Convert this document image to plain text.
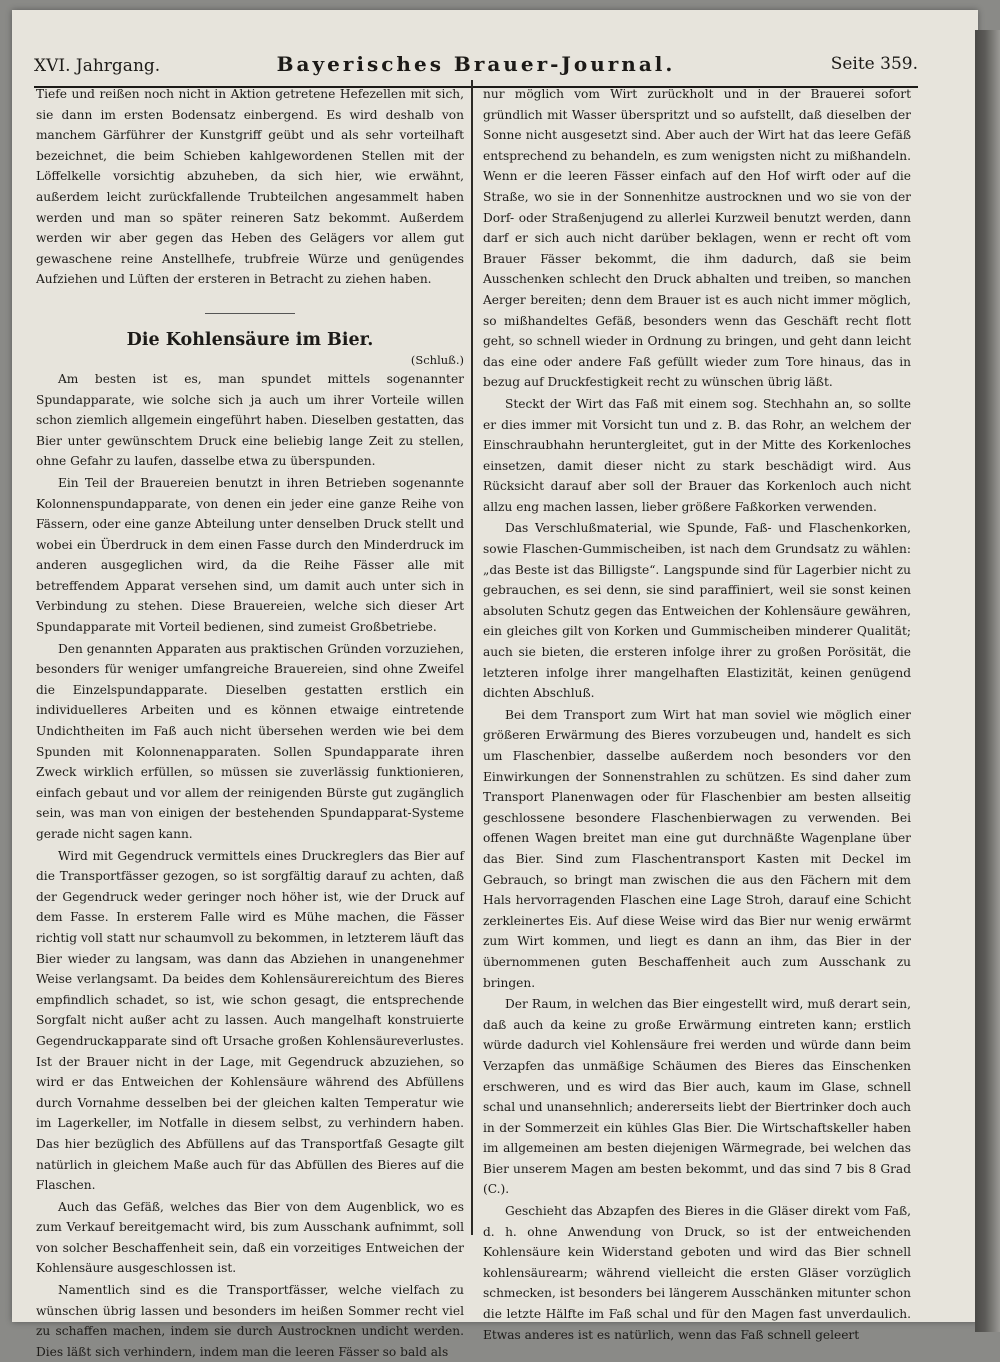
XVI. Jahrgang.	Bayerisches Brauer-Journal.	Seite 359.

Tiefe und reißen noch nicht in Aktion getretene Hefezellen mit sich, sie dann im ersten Bodensatz einbergend. Es wird deshalb von manchem Gärführer der Kunstgriff geübt und als sehr vorteilhaft bezeichnet, die beim Schieben kahlgewordenen Stellen mit der Löffelkelle vorsichtig abzuheben, da sich hier, wie erwähnt, außerdem leicht zurückfallende Trubteilchen angesammelt haben werden und man so später reineren Satz bekommt. Außerdem werden wir aber gegen das Heben des Gelägers vor allem gut gewaschene reine Anstellhefe, trubfreie Würze und genügendes Aufziehen und Lüften der ersteren in Betracht zu ziehen haben.

Die Kohlensäure im Bier.

(Schluß.)

Am besten ist es, man spundet mittels sogenannter Spundapparate, wie solche sich ja auch um ihrer Vorteile willen schon ziemlich allgemein eingeführt haben. Dieselben gestatten, das Bier unter gewünschtem Druck eine beliebig lange Zeit zu stellen, ohne Gefahr zu laufen, dasselbe etwa zu überspunden.

Ein Teil der Brauereien benutzt in ihren Betrieben sogenannte Kolonnenspundapparate, von denen ein jeder eine ganze Reihe von Fässern, oder eine ganze Abteilung unter denselben Druck stellt und wobei ein Überdruck in dem einen Fasse durch den Minderdruck im anderen ausgeglichen wird, da die Reihe Fässer alle mit betreffendem Apparat versehen sind, um damit auch unter sich in Verbindung zu stehen. Diese Brauereien, welche sich dieser Art Spundapparate mit Vorteil bedienen, sind zumeist Großbetriebe.

Den genannten Apparaten aus praktischen Gründen vorzuziehen, besonders für weniger umfangreiche Brauereien, sind ohne Zweifel die Einzelspundapparate. Dieselben gestatten erstlich ein individuelleres Arbeiten und es können etwaige eintretende Undichtheiten im Faß auch nicht übersehen werden wie bei dem Spunden mit Kolonnenapparaten. Sollen Spundapparate ihren Zweck wirklich erfüllen, so müssen sie zuverlässig funktionieren, einfach gebaut und vor allem der reinigenden Bürste gut zugänglich sein, was man von einigen der bestehenden Spundapparat-Systeme gerade nicht sagen kann.

Wird mit Gegendruck vermittels eines Druckreglers das Bier auf die Transportfässer gezogen, so ist sorgfältig darauf zu achten, daß der Gegendruck weder geringer noch höher ist, wie der Druck auf dem Fasse. In ersterem Falle wird es Mühe machen, die Fässer richtig voll statt nur schaumvoll zu bekommen, in letzterem läuft das Bier wieder zu langsam, was dann das Abziehen in unangenehmer Weise verlangsamt. Da beides dem Kohlensäurereichtum des Bieres empfindlich schadet, so ist, wie schon gesagt, die entsprechende Sorgfalt nicht außer acht zu lassen. Auch mangelhaft konstruierte Gegendruckapparate sind oft Ursache großen Kohlensäureverlustes. Ist der Brauer nicht in der Lage, mit Gegendruck abzuziehen, so wird er das Entweichen der Kohlensäure während des Abfüllens durch Vornahme desselben bei der gleichen kalten Temperatur wie im Lagerkeller, im Notfalle in diesem selbst, zu verhindern haben. Das hier bezüglich des Abfüllens auf das Transportfaß Gesagte gilt natürlich in gleichem Maße auch für das Abfüllen des Bieres auf die Flaschen.

Auch das Gefäß, welches das Bier von dem Augenblick, wo es zum Verkauf bereitgemacht wird, bis zum Ausschank aufnimmt, soll von solcher Beschaffenheit sein, daß ein vorzeitiges Entweichen der Kohlensäure ausgeschlossen ist.

Namentlich sind es die Transportfässer, welche vielfach zu wünschen übrig lassen und besonders im heißen Sommer recht viel zu schaffen machen, indem sie durch Austrocknen undicht werden. Dies läßt sich verhindern, indem man die leeren Fässer so bald als

nur möglich vom Wirt zurückholt und in der Brauerei sofort gründlich mit Wasser überspritzt und so aufstellt, daß dieselben der Sonne nicht ausgesetzt sind. Aber auch der Wirt hat das leere Gefäß entsprechend zu behandeln, es zum wenigsten nicht zu mißhandeln. Wenn er die leeren Fässer einfach auf den Hof wirft oder auf die Straße, wo sie in der Sonnenhitze austrocknen und wo sie von der Dorf- oder Straßenjugend zu allerlei Kurzweil benutzt werden, dann darf er sich auch nicht darüber beklagen, wenn er recht oft vom Brauer Fässer bekommt, die ihm dadurch, daß sie beim Ausschenken schlecht den Druck abhalten und treiben, so manchen Aerger bereiten; denn dem Brauer ist es auch nicht immer möglich, so mißhandeltes Gefäß, besonders wenn das Geschäft recht flott geht, so schnell wieder in Ordnung zu bringen, und geht dann leicht das eine oder andere Faß gefüllt wieder zum Tore hinaus, das in bezug auf Druckfestigkeit recht zu wünschen übrig läßt.

Steckt der Wirt das Faß mit einem sog. Stechhahn an, so sollte er dies immer mit Vorsicht tun und z. B. das Rohr, an welchem der Einschraubhahn heruntergleitet, gut in der Mitte des Korkenloches einsetzen, damit dieser nicht zu stark beschädigt wird. Aus Rücksicht darauf aber soll der Brauer das Korkenloch auch nicht allzu eng machen lassen, lieber größere Faßkorken verwenden.

Das Verschlußmaterial, wie Spunde, Faß- und Flaschenkorken, sowie Flaschen-Gummischeiben, ist nach dem Grundsatz zu wählen: „das Beste ist das Billigste“. Langspunde sind für Lagerbier nicht zu gebrauchen, es sei denn, sie sind paraffiniert, weil sie sonst keinen absoluten Schutz gegen das Entweichen der Kohlensäure gewähren, ein gleiches gilt von Korken und Gummischeiben minderer Qualität; auch sie bieten, die ersteren infolge ihrer zu großen Porösität, die letzteren infolge ihrer mangelhaften Elastizität, keinen genügend dichten Abschluß.

Bei dem Transport zum Wirt hat man soviel wie möglich einer größeren Erwärmung des Bieres vorzubeugen und, handelt es sich um Flaschenbier, dasselbe außerdem noch besonders vor den Einwirkungen der Sonnenstrahlen zu schützen. Es sind daher zum Transport Planenwagen oder für Flaschenbier am besten allseitig geschlossene besondere Flaschenbierwagen zu verwenden. Bei offenen Wagen breitet man eine gut durchnäßte Wagenplane über das Bier. Sind zum Flaschentransport Kasten mit Deckel im Gebrauch, so bringt man zwischen die aus den Fächern mit dem Hals hervorragenden Flaschen eine Lage Stroh, darauf eine Schicht zerkleinertes Eis. Auf diese Weise wird das Bier nur wenig erwärmt zum Wirt kommen, und liegt es dann an ihm, das Bier in der übernommenen guten Beschaffenheit auch zum Ausschank zu bringen.

Der Raum, in welchen das Bier eingestellt wird, muß derart sein, daß auch da keine zu große Erwärmung eintreten kann; erstlich würde dadurch viel Kohlensäure frei werden und würde dann beim Verzapfen das unmäßige Schäumen des Bieres das Einschenken erschweren, und es wird das Bier auch, kaum im Glase, schnell schal und unansehnlich; andererseits liebt der Biertrinker doch auch in der Sommerzeit ein kühles Glas Bier. Die Wirtschaftskeller haben im allgemeinen am besten diejenigen Wärmegrade, bei welchen das Bier unserem Magen am besten bekommt, und das sind 7 bis 8 Grad (C.).

Geschieht das Abzapfen des Bieres in die Gläser direkt vom Faß, d. h. ohne Anwendung von Druck, so ist der entweichenden Kohlensäure kein Widerstand geboten und wird das Bier schnell kohlensäurearm; während vielleicht die ersten Gläser vorzüglich schmecken, ist besonders bei längerem Ausschänken mitunter schon die letzte Hälfte im Faß schal und für den Magen fast unverdaulich. Etwas anderes ist es natürlich, wenn das Faß schnell geleert
